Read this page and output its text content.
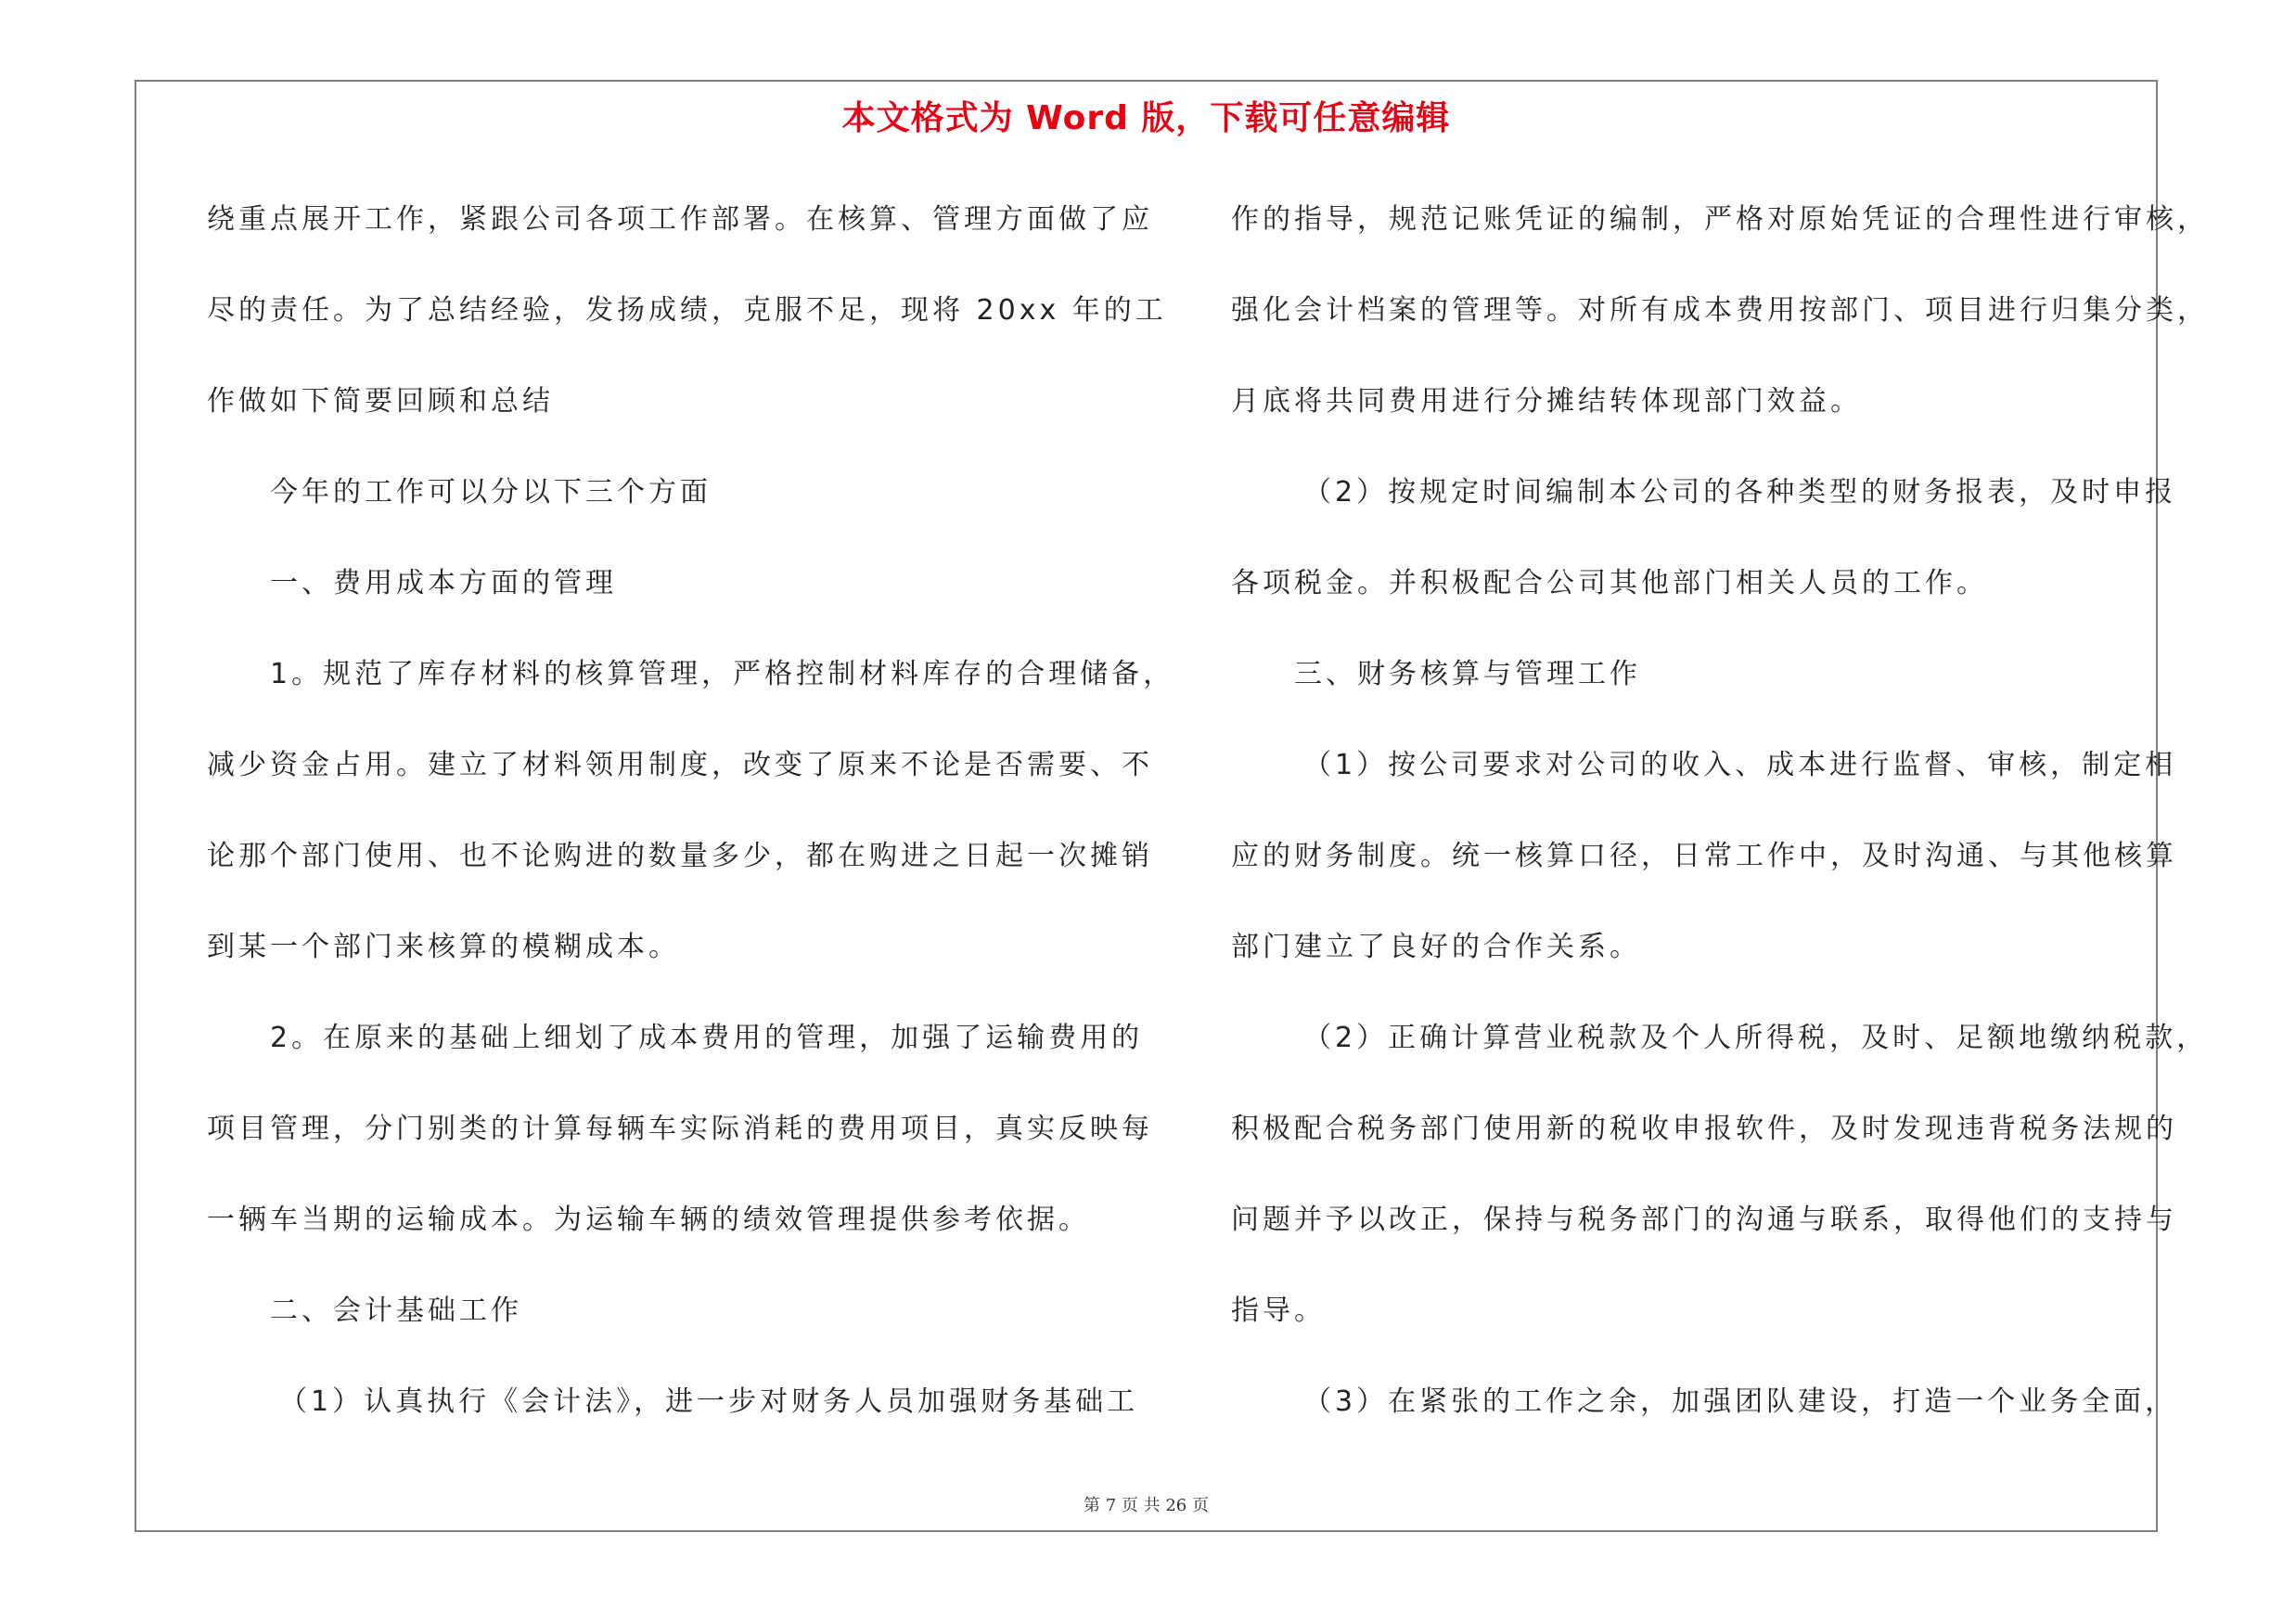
本文格式为 Word 版，下载可任意编辑
绕重点展开工作，紧跟公司各项工作部署。在核算、管理方面做了应
尽的责任。为了总结经验，发扬成绩，克服不足，现将 20xx 年的工
作做如下简要回顾和总结
今年的工作可以分以下三个方面
一、费用成本方面的管理
1。规范了库存材料的核算管理，严格控制材料库存的合理储备，
减少资金占用。建立了材料领用制度，改变了原来不论是否需要、不
论那个部门使用、也不论购进的数量多少，都在购进之日起一次摊销
到某一个部门来核算的模糊成本。
2。在原来的基础上细划了成本费用的管理，加强了运输费用的
项目管理，分门别类的计算每辆车实际消耗的费用项目，真实反映每
一辆车当期的运输成本。为运输车辆的绩效管理提供参考依据。
二、会计基础工作
（1）认真执行《会计法》，进一步对财务人员加强财务基础工
作的指导，规范记账凭证的编制，严格对原始凭证的合理性进行审核，
强化会计档案的管理等。对所有成本费用按部门、项目进行归集分类，
月底将共同费用进行分摊结转体现部门效益。
（2）按规定时间编制本公司的各种类型的财务报表，及时申报
各项税金。并积极配合公司其他部门相关人员的工作。
三、财务核算与管理工作
（1）按公司要求对公司的收入、成本进行监督、审核，制定相
应的财务制度。统一核算口径，日常工作中，及时沟通、与其他核算
部门建立了良好的合作关系。
（2）正确计算营业税款及个人所得税，及时、足额地缴纳税款，
积极配合税务部门使用新的税收申报软件，及时发现违背税务法规的
问题并予以改正，保持与税务部门的沟通与联系，取得他们的支持与
指导。
（3）在紧张的工作之余，加强团队建设，打造一个业务全面，
第 7 页 共 26 页
